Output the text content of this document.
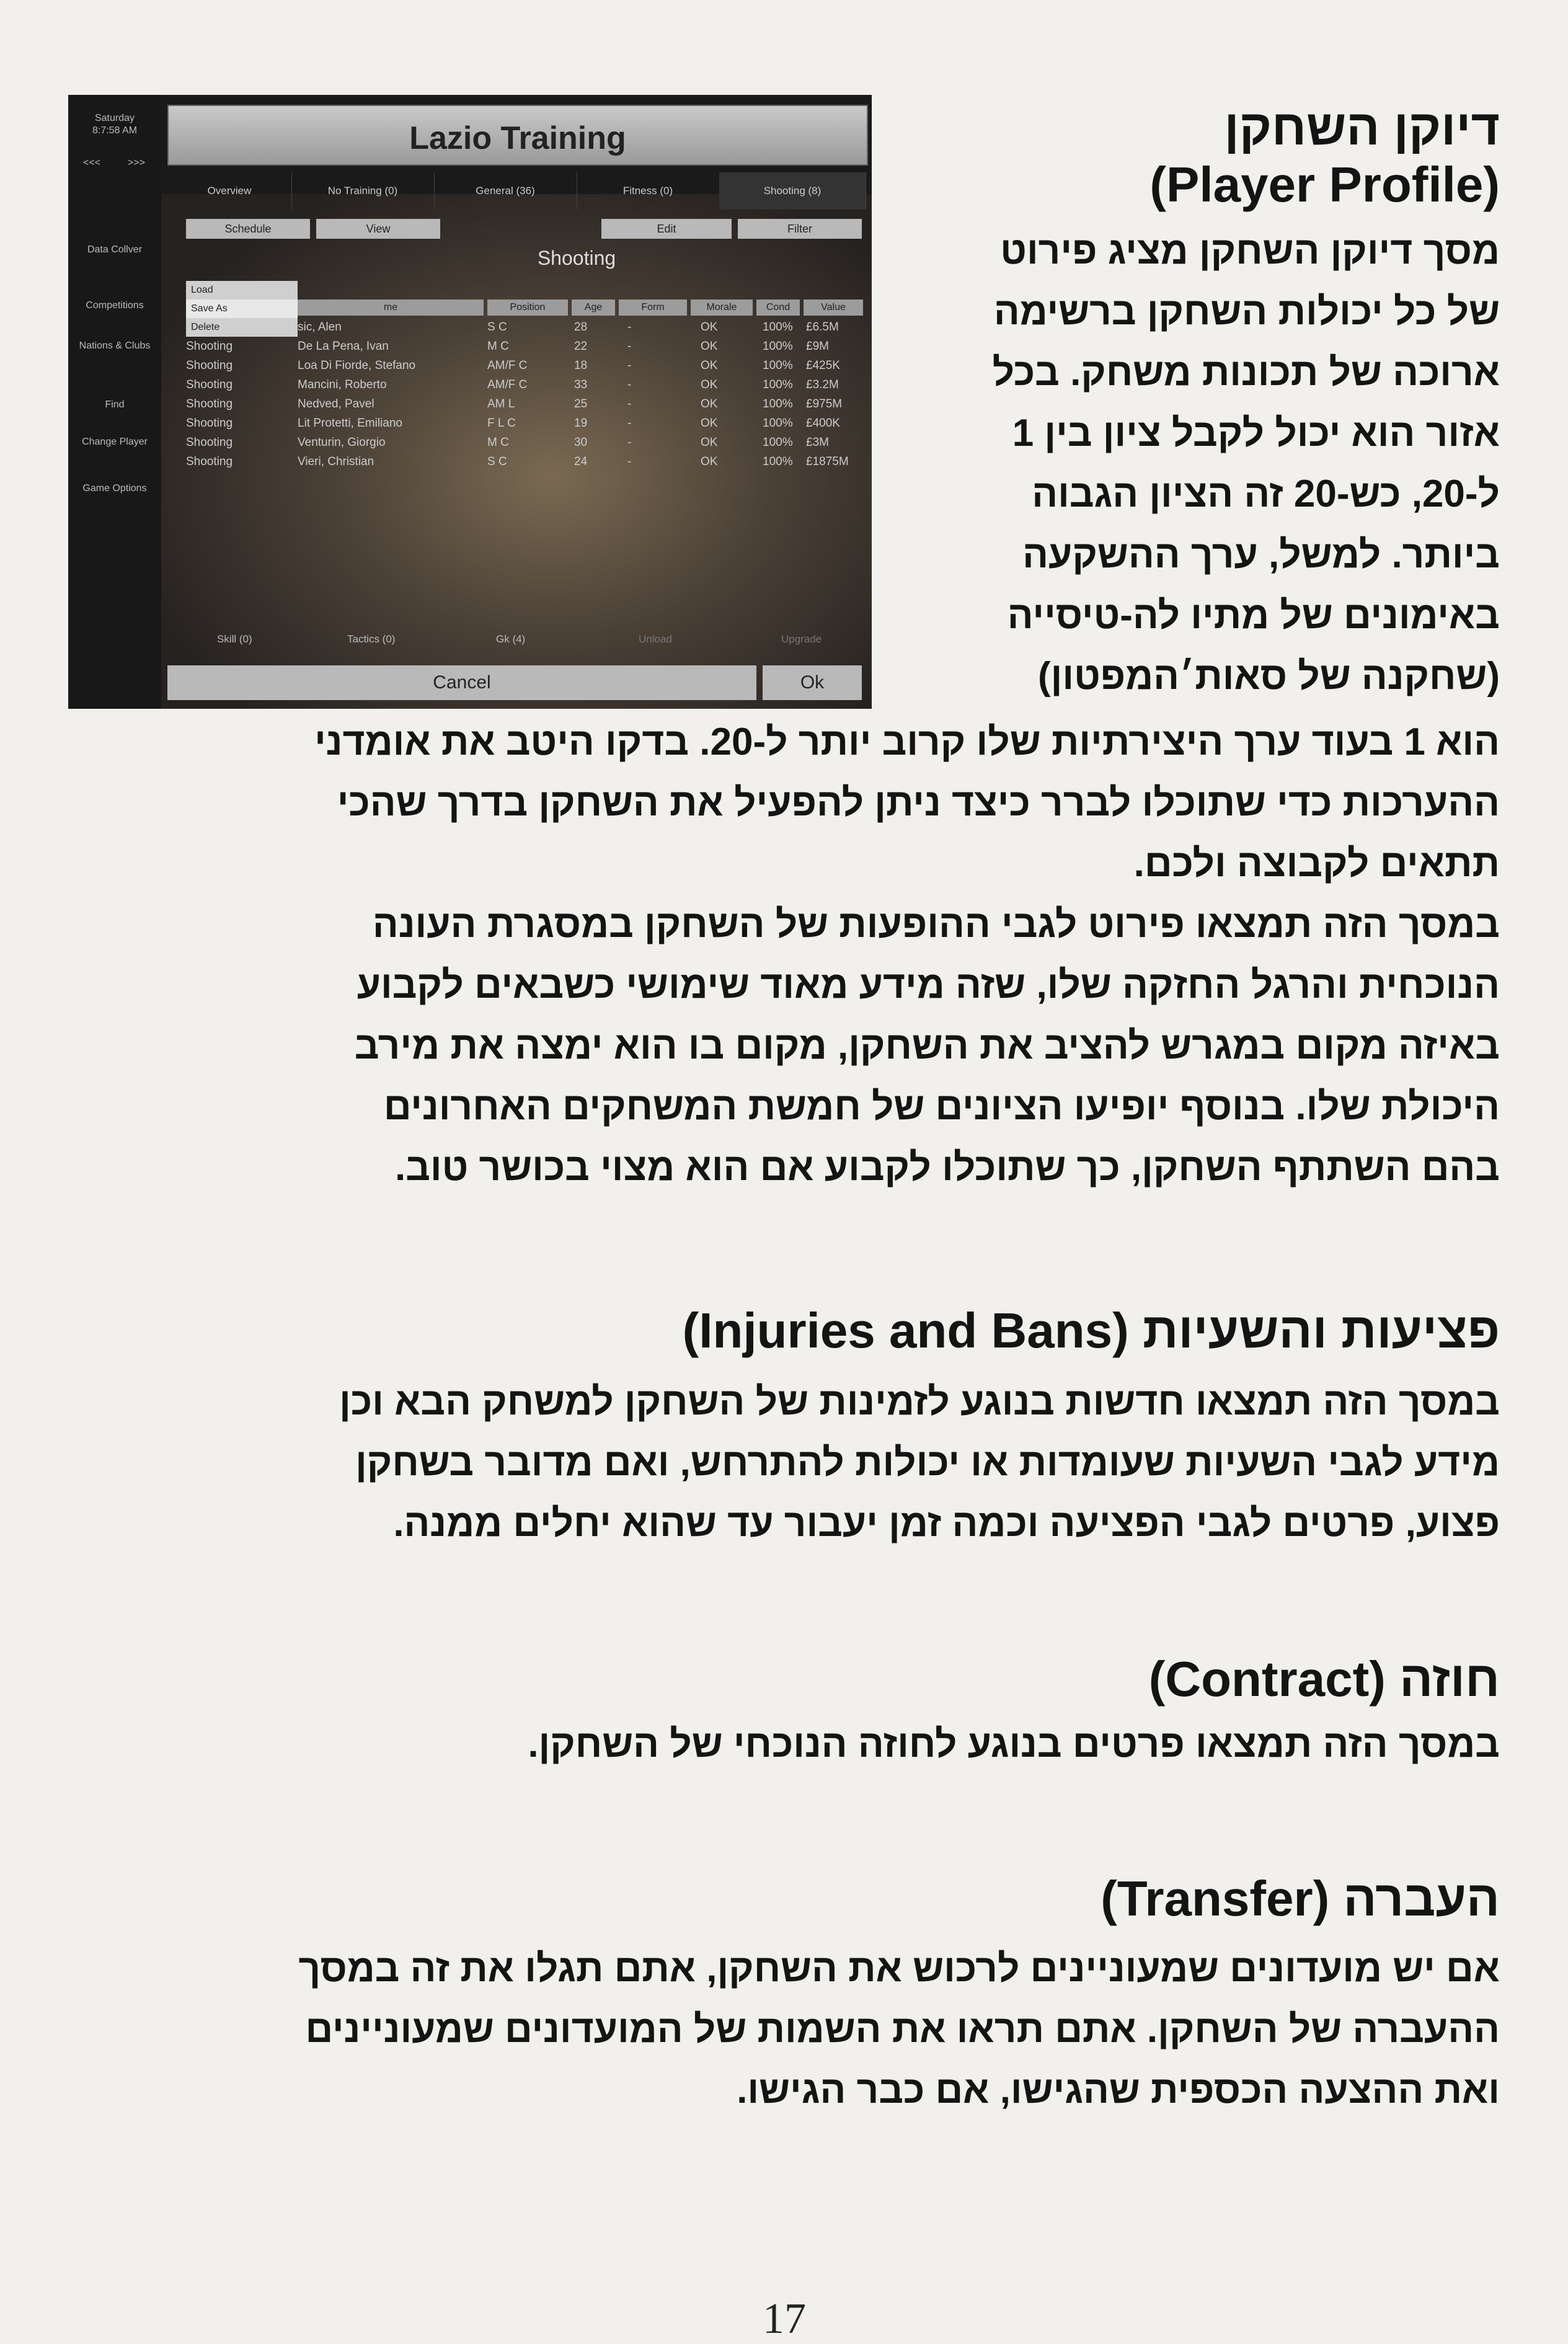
Saturday
8:7:58 AM
<<<	>>>
Data Collver
Competitions
Nations & Clubs
Find
Change Player
Game Options
Lazio Training
Overview	No Training (0)	General (36)	Fitness (0)	Shooting (8)
Schedule	View	Edit	Filter
Shooting
Load
Save As
Delete
me	Position	Age	Form	Morale	Cond	Value
sic, Alen	S C	28	-	OK	100% £6.5M
Shooting	De La Pena, Ivan	M C	22	-	OK	100% £9M
Shooting	Loa Di Fiorde, Stefano	AM/F C	18	-	OK	100% £425K
Shooting	Mancini, Roberto	AM/F C	33	-	OK	100% £3.2M
Shooting	Nedved, Pavel	AM L	25	-	OK	100% £975M
Shooting	Lit Protetti, Emiliano	F L C	19	-	OK	100% £400K
Shooting	Venturin, Giorgio	M C	30	-	OK	100% £3M
Shooting	Vieri, Christian	S C	24	-	OK	100% £1875M
Skill (0)	Tactics (0)	Gk (4)	Unload	Upgrade
Cancel	Ok
דיוקן השחקן
(Player Profile)
מסך דיוקן השחקן מציג פירוט
של כל יכולות השחקן ברשימה
ארוכה של תכונות משחק. בכל
אזור הוא יכול לקבל ציון בין 1
ל-20, כש-20 זה הציון הגבוה
ביותר. למשל, ערך ההשקעה
באימונים של מתיו לה-טיסייה
(שחקנה של סאות׳המפטון)
הוא 1 בעוד ערך היצירתיות שלו קרוב יותר ל-20. בדקו היטב את אומדני
ההערכות כדי שתוכלו לברר כיצד ניתן להפעיל את השחקן בדרך שהכי
תתאים לקבוצה ולכם.
במסך הזה תמצאו פירוט לגבי ההופעות של השחקן במסגרת העונה
הנוכחית והרגל החזקה שלו, שזה מידע מאוד שימושי כשבאים לקבוע
באיזה מקום במגרש להציב את השחקן, מקום בו הוא ימצה את מירב
היכולת שלו. בנוסף יופיעו הציונים של חמשת המשחקים האחרונים
בהם השתתף השחקן, כך שתוכלו לקבוע אם הוא מצוי בכושר טוב.
פציעות והשעיות (Injuries and Bans)
במסך הזה תמצאו חדשות בנוגע לזמינות של השחקן למשחק הבא וכן
מידע לגבי השעיות שעומדות או יכולות להתרחש, ואם מדובר בשחקן
פצוע, פרטים לגבי הפציעה וכמה זמן יעבור עד שהוא יחלים ממנה.
חוזה (Contract)
במסך הזה תמצאו פרטים בנוגע לחוזה הנוכחי של השחקן.
העברה (Transfer)
אם יש מועדונים שמעוניינים לרכוש את השחקן, אתם תגלו את זה במסך
ההעברה של השחקן. אתם תראו את השמות של המועדונים שמעוניינים
ואת ההצעה הכספית שהגישו, אם כבר הגישו.
17
